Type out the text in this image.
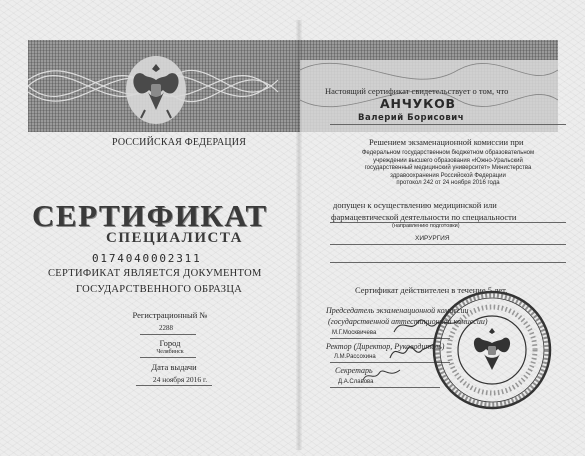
РОССИЙСКАЯ ФЕДЕРАЦИЯ
СЕРТИФИКАТ
СПЕЦИАЛИСТА
0174040002311
СЕРТИФИКАТ ЯВЛЯЕТСЯ ДОКУМЕНТОМ
ГОСУДАРСТВЕННОГО ОБРАЗЦА
Регистрационный №
2288
Город
Челябинск
Дата выдачи
24 ноября 2016 г.
Настоящий сертификат свидетельствует о том, что
АНЧУКОВ
Валерий Борисович
Решением экзаменационной комиссии при
Федеральном государственном бюджетном образовательном
учреждении высшего образования «Южно-Уральский
государственный медицинский университет» Министерства
здравоохранения Российской Федерации
протокол 242 от 24 ноября 2016 года
допущен к осуществлению медицинской или
фармацевтической деятельности по специальности
(направлению подготовки)
ХИРУРГИЯ
Сертификат действителен в течение 5 лет.
Председатель экзаменационной комиссии
(государственной аттестационной комиссии)
М.Г.Москвичева
Ректор (Директор, Руководитель)
Л.М.Рассохина
Секретарь
Д.А.Славова
